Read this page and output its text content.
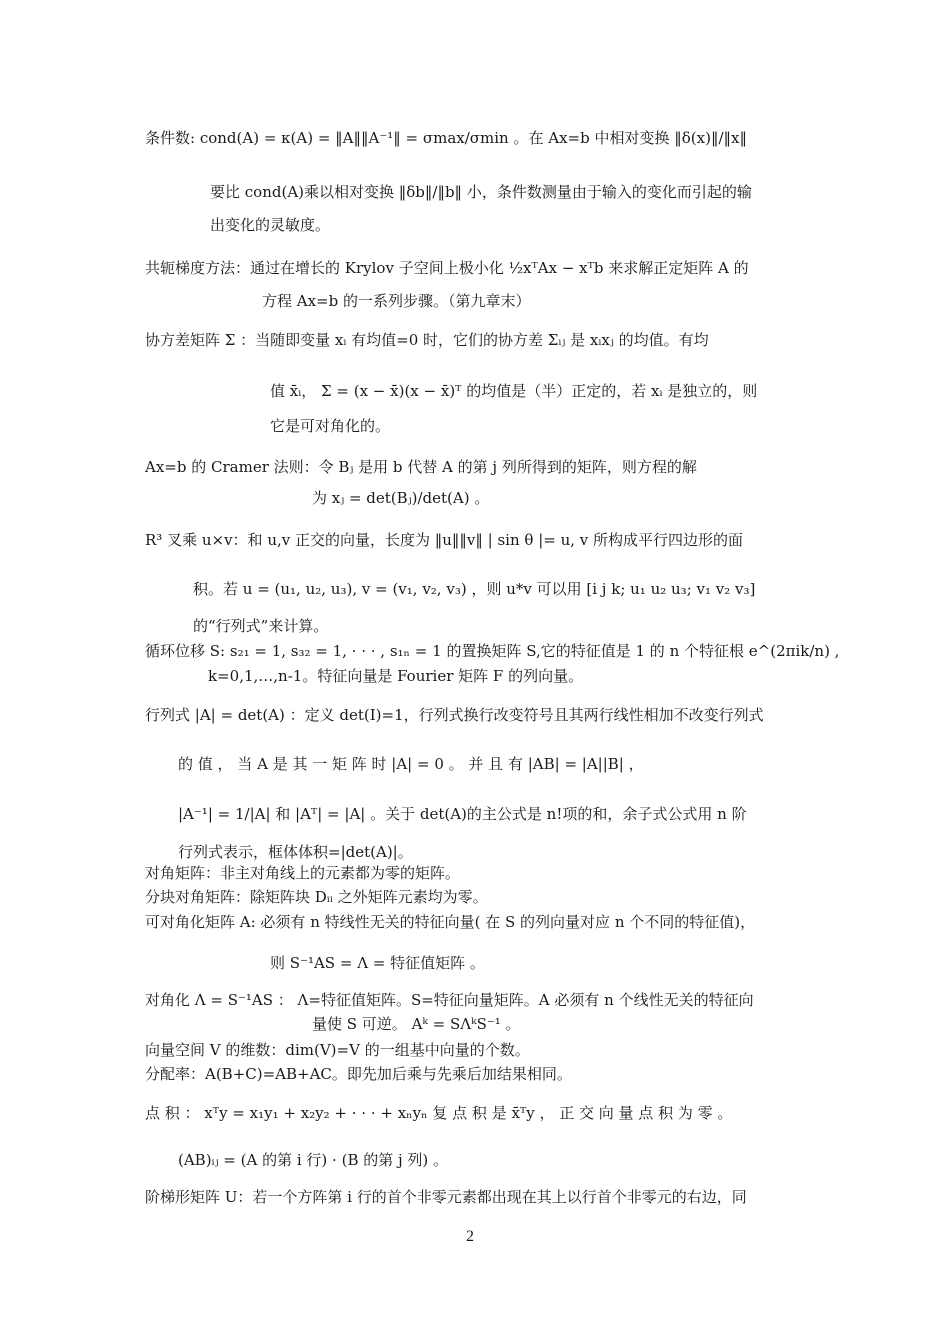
条件数: cond(A) = κ(A) = ‖A‖‖A⁻¹‖ = σmax/σmin 。在 Ax=b 中相对变换 ‖δ(x)‖/‖x‖
要比 cond(A)乘以相对变换 ‖δb‖/‖b‖ 小，条件数测量由于输入的变化而引起的输
出变化的灵敏度。
共轭梯度方法：通过在增长的 Krylov 子空间上极小化 ½xᵀAx − xᵀb 来求解正定矩阵 A 的
方程 Ax=b 的一系列步骤。（第九章末）
协方差矩阵 Σ ：当随即变量 xᵢ 有均值=0 时，它们的协方差 Σᵢⱼ 是 xᵢxⱼ 的均值。有均
值 x̄ᵢ， Σ = (x − x̄)(x − x̄)ᵀ 的均值是（半）正定的，若 xᵢ 是独立的，则
它是可对角化的。
Ax=b 的 Cramer 法则：令 Bⱼ 是用 b 代替 A 的第 j 列所得到的矩阵，则方程的解
为 xⱼ = det(Bⱼ)/det(A) 。
R³ 叉乘 u×v：和 u,v 正交的向量，长度为 ‖u‖‖v‖ | sin θ |= u, v 所构成平行四边形的面
积。若 u = (u₁, u₂, u₃), v = (v₁, v₂, v₃) ，则 u*v 可以用 [i j k; u₁ u₂ u₃; v₁ v₂ v₃]
的“行列式”来计算。
循环位移 S: s₂₁ = 1, s₃₂ = 1, · · · , s₁ₙ = 1 的置换矩阵 S,它的特征值是 1 的 n 个特征根 e^(2πik/n) ,
k=0,1,…,n-1。特征向量是 Fourier 矩阵 F 的列向量。
行列式 |A| = det(A) ：定义 det(I)=1，行列式换行改变符号且其两行线性相加不改变行列式
的 值 ， 当 A 是 其 一 矩 阵 时 |A| = 0 。 并 且 有 |AB| = |A||B| ，
|A⁻¹| = 1/|A| 和 |Aᵀ| = |A| 。关于 det(A)的主公式是 n!项的和，余子式公式用 n 阶
行列式表示，框体体积=|det(A)|。
对角矩阵：非主对角线上的元素都为零的矩阵。
分块对角矩阵：除矩阵块 Dᵢᵢ 之外矩阵元素均为零。
可对角化矩阵 A: 必须有 n 特线性无关的特征向量( 在 S 的列向量对应 n 个不同的特征值)，
则 S⁻¹AS = Λ = 特征值矩阵 。
对角化 Λ = S⁻¹AS ： Λ=特征值矩阵。S=特征向量矩阵。A 必须有 n 个线性无关的特征向
量使 S 可逆。 Aᵏ = SΛᵏS⁻¹ 。
向量空间 V 的维数：dim(V)=V 的一组基中向量的个数。
分配率：A(B+C)=AB+AC。即先加后乘与先乘后加结果相同。
点 积 ： xᵀy = x₁y₁ + x₂y₂ + · · · + xₙyₙ 复 点 积 是 x̄ᵀy ， 正 交 向 量 点 积 为 零 。
(AB)ᵢⱼ = (A 的第 i 行) · (B 的第 j 列) 。
阶梯形矩阵 U：若一个方阵第 i 行的首个非零元素都出现在其上以行首个非零元的右边，同
2
